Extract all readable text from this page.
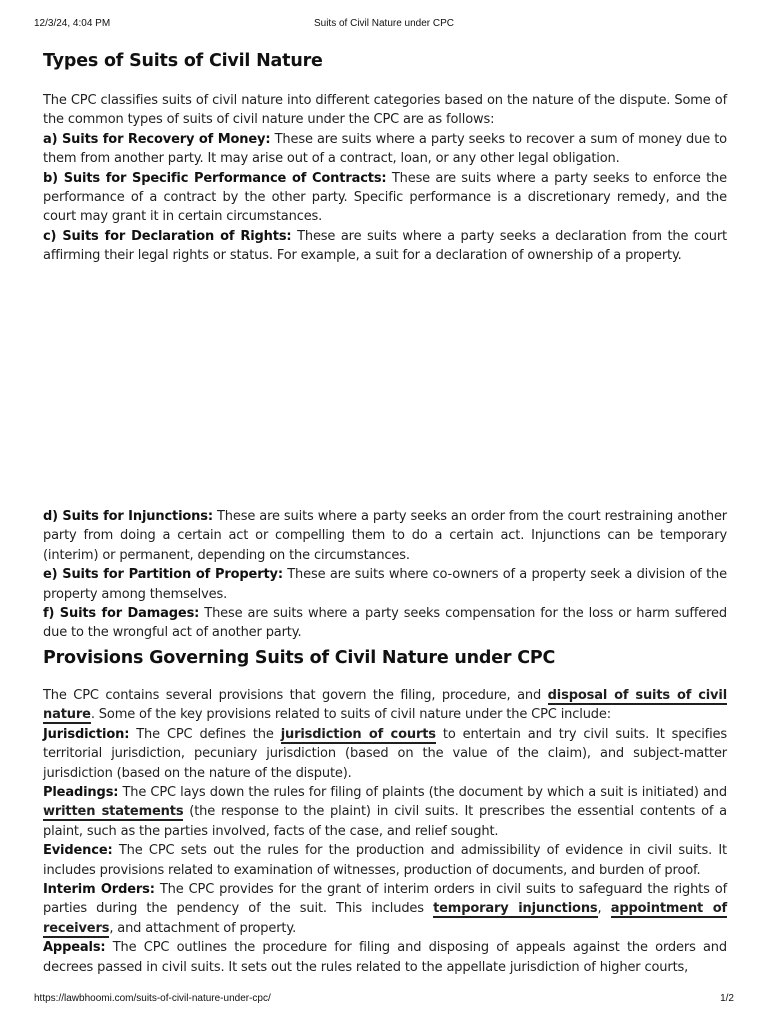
12/3/24, 4:04 PM	Suits of Civil Nature under CPC
Types of Suits of Civil Nature

The CPC classifies suits of civil nature into different categories based on the nature of the dispute. Some of the common types of suits of civil nature under the CPC are as follows:

a) Suits for Recovery of Money: These are suits where a party seeks to recover a sum of money due to them from another party. It may arise out of a contract, loan, or any other legal obligation.

b) Suits for Specific Performance of Contracts: These are suits where a party seeks to enforce the performance of a contract by the other party. Specific performance is a discretionary remedy, and the court may grant it in certain circumstances.

c) Suits for Declaration of Rights: These are suits where a party seeks a declaration from the court affirming their legal rights or status. For example, a suit for a declaration of ownership of a property.

d) Suits for Injunctions: These are suits where a party seeks an order from the court restraining another party from doing a certain act or compelling them to do a certain act. Injunctions can be temporary (interim) or permanent, depending on the circumstances.

e) Suits for Partition of Property: These are suits where co-owners of a property seek a division of the property among themselves.

f) Suits for Damages: These are suits where a party seeks compensation for the loss or harm suffered due to the wrongful act of another party.

Provisions Governing Suits of Civil Nature under CPC

The CPC contains several provisions that govern the filing, procedure, and disposal of suits of civil nature. Some of the key provisions related to suits of civil nature under the CPC include:

Jurisdiction: The CPC defines the jurisdiction of courts to entertain and try civil suits. It specifies territorial jurisdiction, pecuniary jurisdiction (based on the value of the claim), and subject-matter jurisdiction (based on the nature of the dispute).

Pleadings: The CPC lays down the rules for filing of plaints (the document by which a suit is initiated) and written statements (the response to the plaint) in civil suits. It prescribes the essential contents of a plaint, such as the parties involved, facts of the case, and relief sought.

Evidence: The CPC sets out the rules for the production and admissibility of evidence in civil suits. It includes provisions related to examination of witnesses, production of documents, and burden of proof.

Interim Orders: The CPC provides for the grant of interim orders in civil suits to safeguard the rights of parties during the pendency of the suit. This includes temporary injunctions, appointment of receivers, and attachment of property.

Appeals: The CPC outlines the procedure for filing and disposing of appeals against the orders and decrees passed in civil suits. It sets out the rules related to the appellate jurisdiction of higher courts,

https://lawbhoomi.com/suits-of-civil-nature-under-cpc/	1/2
